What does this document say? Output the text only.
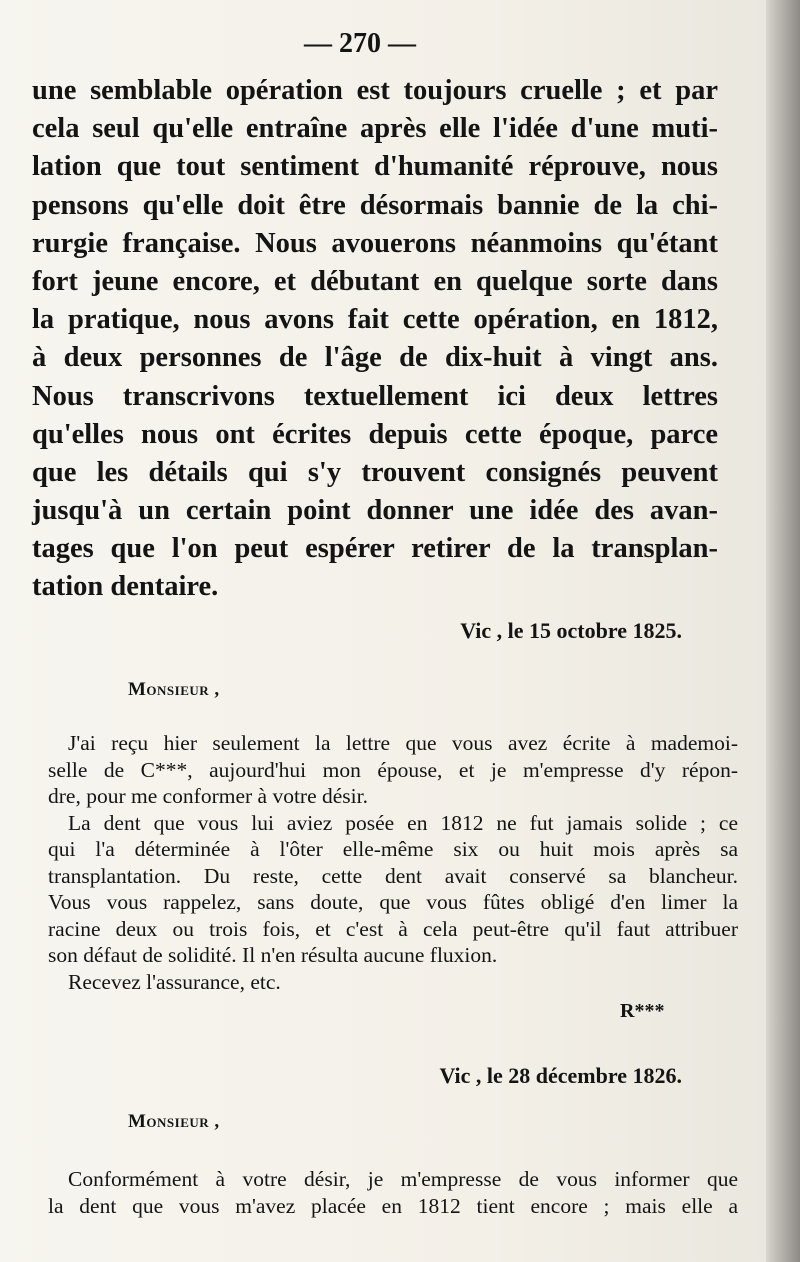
— 270 —
une semblable opération est toujours cruelle ; et par
cela seul qu'elle entraîne après elle l'idée d'une muti-
lation que tout sentiment d'humanité réprouve, nous
pensons qu'elle doit être désormais bannie de la chi-
rurgie française. Nous avouerons néanmoins qu'étant
fort jeune encore, et débutant en quelque sorte dans
la pratique, nous avons fait cette opération, en 1812,
à deux personnes de l'âge de dix-huit à vingt ans.
Nous transcrivons textuellement ici deux lettres
qu'elles nous ont écrites depuis cette époque, parce
que les détails qui s'y trouvent consignés peuvent
jusqu'à un certain point donner une idée des avan-
tages que l'on peut espérer retirer de la transplan-
tation dentaire.
Vic , le 15 octobre 1825.
Monsieur ,
J'ai reçu hier seulement la lettre que vous avez écrite à mademoi-
selle de C***, aujourd'hui mon épouse, et je m'empresse d'y répon-
dre, pour me conformer à votre désir.
La dent que vous lui aviez posée en 1812 ne fut jamais solide ; ce
qui l'a déterminée à l'ôter elle-même six ou huit mois après sa
transplantation. Du reste, cette dent avait conservé sa blancheur.
Vous vous rappelez, sans doute, que vous fûtes obligé d'en limer la
racine deux ou trois fois, et c'est à cela peut-être qu'il faut attribuer
son défaut de solidité. Il n'en résulta aucune fluxion.
Recevez l'assurance, etc.
R***
Vic , le 28 décembre 1826.
Monsieur ,
Conformément à votre désir, je m'empresse de vous informer que
la dent que vous m'avez placée en 1812 tient encore ; mais elle a
